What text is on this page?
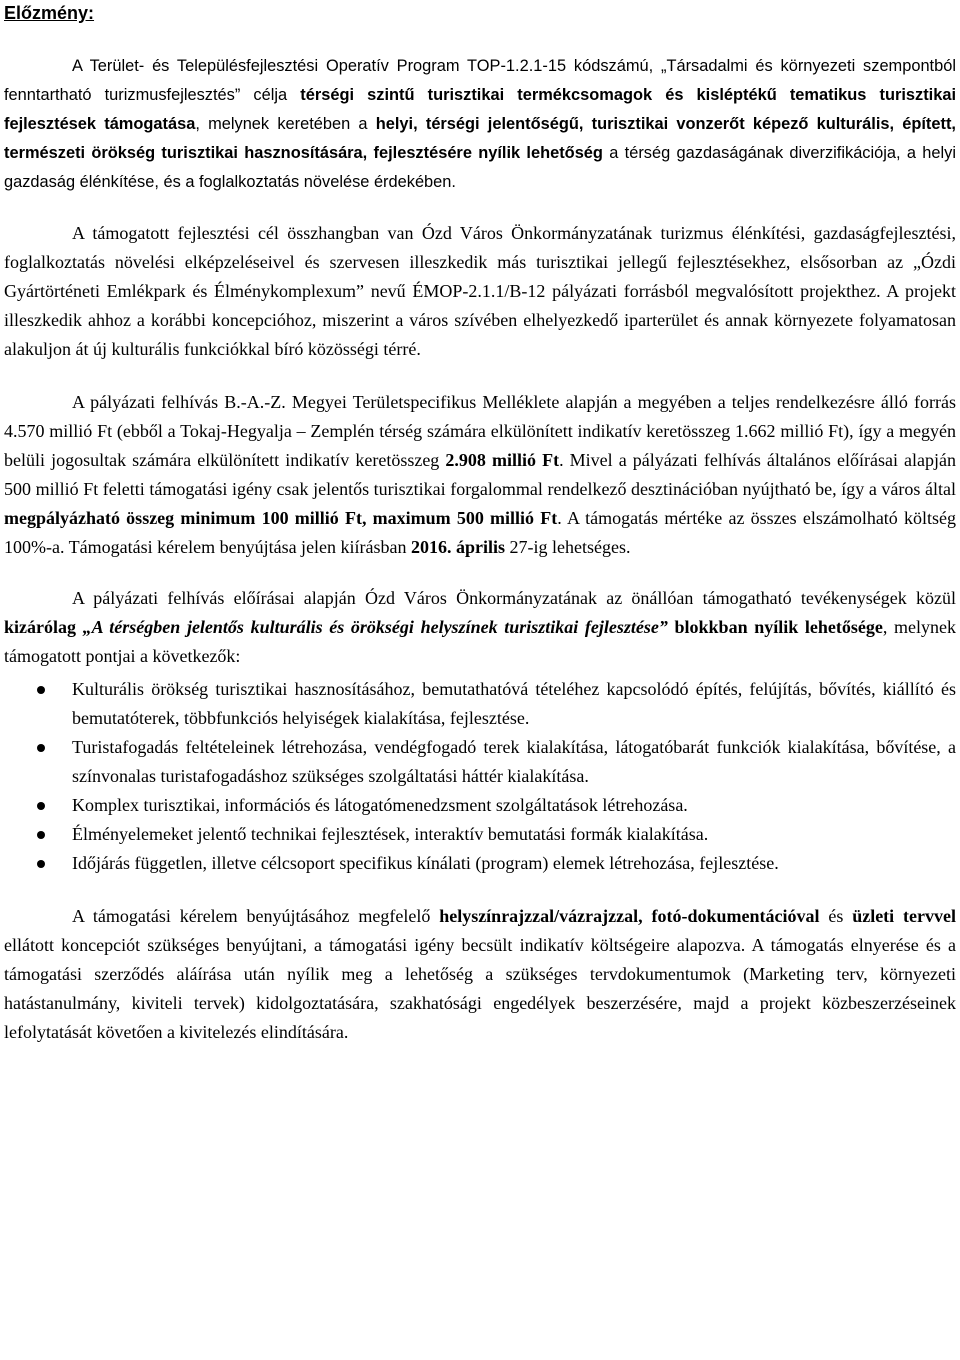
Előzmény:

A Terület- és Településfejlesztési Operatív Program TOP-1.2.1-15 kódszámú, „Társadalmi és környezeti szempontból fenntartható turizmusfejlesztés” célja térségi szintű turisztikai termékcsomagok és kisléptékű tematikus turisztikai fejlesztések támogatása, melynek keretében a helyi, térségi jelentőségű, turisztikai vonzerőt képező kulturális, épített, természeti örökség turisztikai hasznosítására, fejlesztésére nyílik lehetőség a térség gazdaságának diverzifikációja, a helyi gazdaság élénkítése, és a foglalkoztatás növelése érdekében.

A támogatott fejlesztési cél összhangban van Ózd Város Önkormányzatának turizmus élénkítési, gazdaságfejlesztési, foglalkoztatás növelési elképzeléseivel és szervesen illeszkedik más turisztikai jellegű fejlesztésekhez, elsősorban az „Ózdi Gyártörténeti Emlékpark és Élménykomplexum” nevű ÉMOP-2.1.1/B-12 pályázati forrásból megvalósított projekthez. A projekt illeszkedik ahhoz a korábbi koncepcióhoz, miszerint a város szívében elhelyezkedő iparterület és annak környezete folyamatosan alakuljon át új kulturális funkciókkal bíró közösségi térré.

A pályázati felhívás B.-A.-Z. Megyei Területspecifikus Melléklete alapján a megyében a teljes rendelkezésre álló forrás 4.570 millió Ft (ebből a Tokaj-Hegyalja – Zemplén térség számára elkülönített indikatív keretösszeg 1.662 millió Ft), így a megyén belüli jogosultak számára elkülönített indikatív keretösszeg 2.908 millió Ft. Mivel a pályázati felhívás általános előírásai alapján 500 millió Ft feletti támogatási igény csak jelentős turisztikai forgalommal rendelkező desztinációban nyújtható be, így a város által megpályázható összeg minimum 100 millió Ft, maximum 500 millió Ft. A támogatás mértéke az összes elszámolható költség 100%-a. Támogatási kérelem benyújtása jelen kiírásban 2016. április 27-ig lehetséges.

A pályázati felhívás előírásai alapján Ózd Város Önkormányzatának az önállóan támogatható tevékenységek közül kizárólag „A térségben jelentős kulturális és örökségi helyszínek turisztikai fejlesztése” blokkban nyílik lehetősége, melynek támogatott pontjai a következők:

Kulturális örökség turisztikai hasznosításához, bemutathatóvá tételéhez kapcsolódó építés, felújítás, bővítés, kiállító és bemutatóterek, többfunkciós helyiségek kialakítása, fejlesztése.
Turistafogadás feltételeinek létrehozása, vendégfogadó terek kialakítása, látogatóbarát funkciók kialakítása, bővítése, a színvonalas turistafogadáshoz szükséges szolgáltatási háttér kialakítása.
Komplex turisztikai, információs és látogatómenedzsment szolgáltatások létrehozása.
Élményelemeket jelentő technikai fejlesztések, interaktív bemutatási formák kialakítása.
Időjárás független, illetve célcsoport specifikus kínálati (program) elemek létrehozása, fejlesztése.

A támogatási kérelem benyújtásához megfelelő helyszínrajzzal/vázrajzzal, fotó-dokumentációval és üzleti tervvel ellátott koncepciót szükséges benyújtani, a támogatási igény becsült indikatív költségeire alapozva. A támogatás elnyerése és a támogatási szerződés aláírása után nyílik meg a lehetőség a szükséges tervdokumentumok (Marketing terv, környezeti hatástanulmány, kiviteli tervek) kidolgoztatására, szakhatósági engedélyek beszerzésére, majd a projekt közbeszerzéseinek lefolytatását követően a kivitelezés elindítására.
